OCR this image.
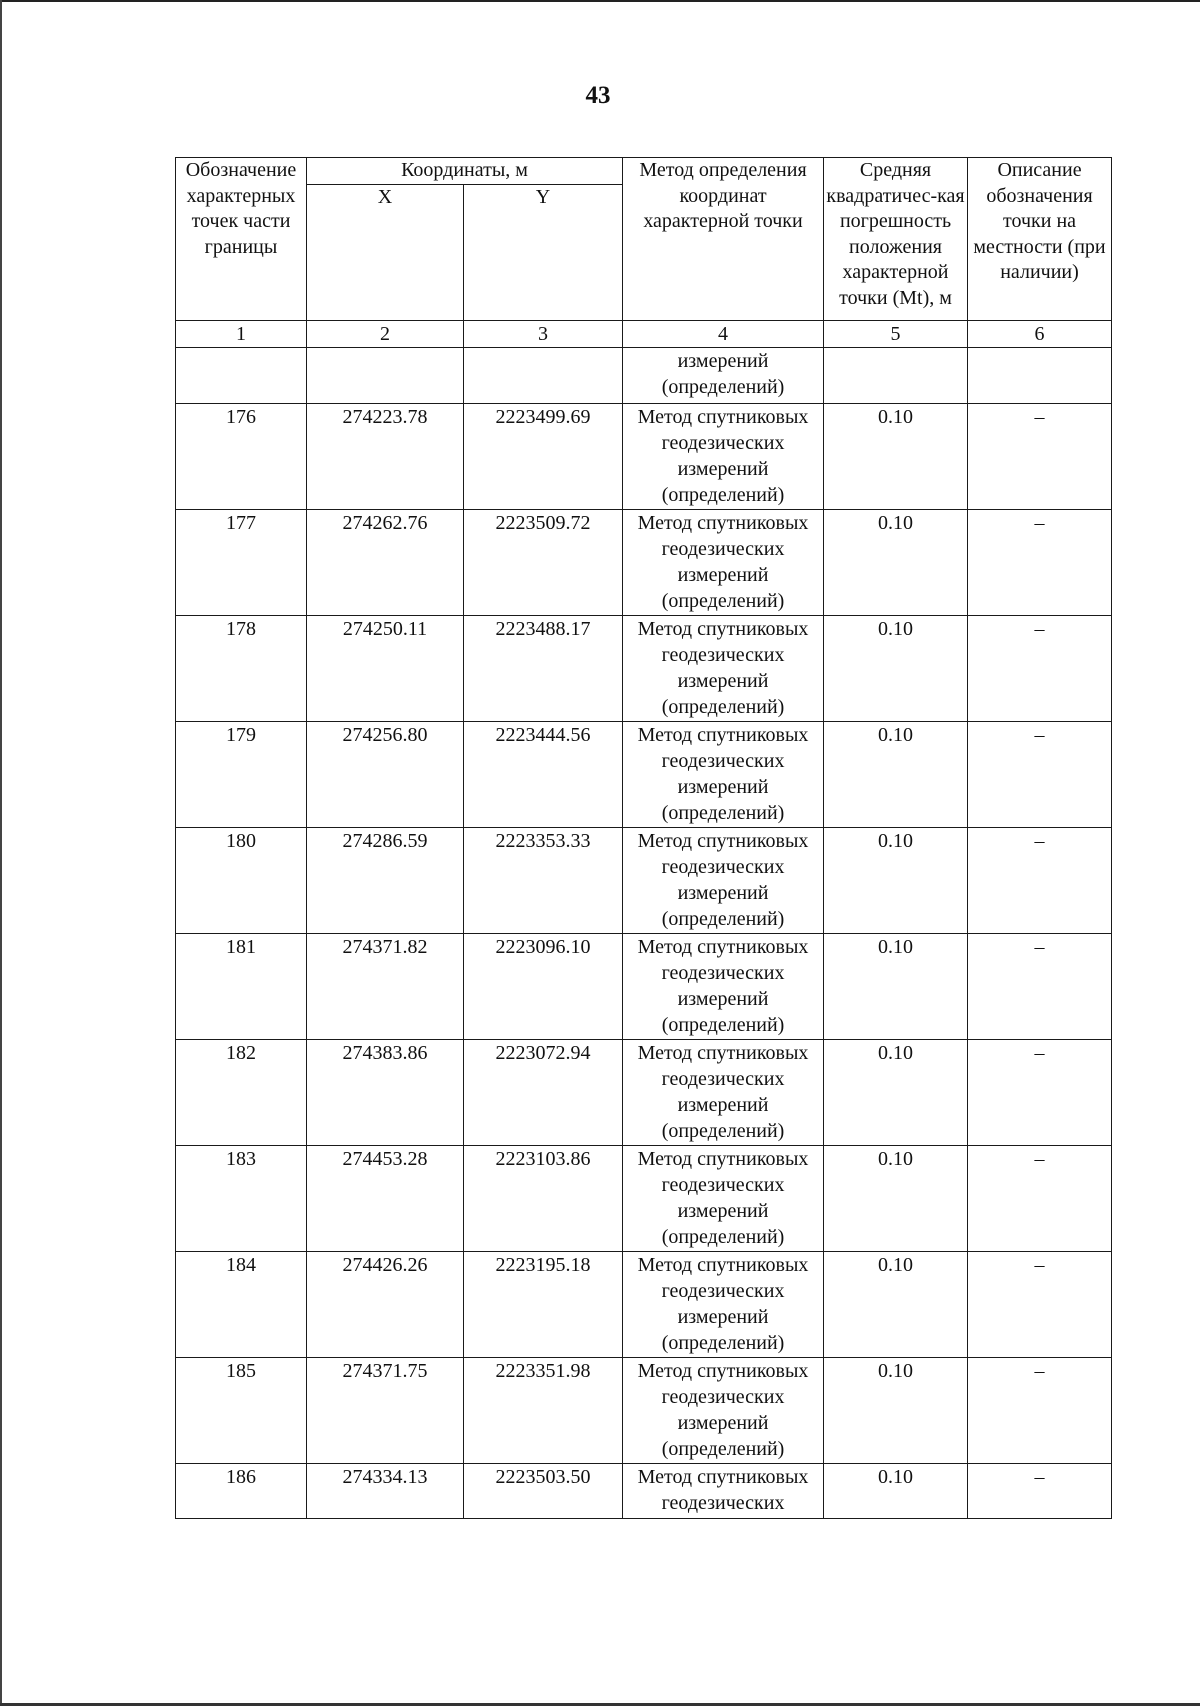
43
Обозначение характерных точек части границы	Координаты, м		Метод определения координат характерной точки	Средняя квадратичес-кая погрешность положения характерной точки (Mt), м	Описание обозначения точки на местности (при наличии)
	X	Y			
1	2	3	4	5	6
			измерений (определений)		
176	274223.78	2223499.69	Метод спутниковых геодезических измерений (определений)	0.10	–
177	274262.76	2223509.72	Метод спутниковых геодезических измерений (определений)	0.10	–
178	274250.11	2223488.17	Метод спутниковых геодезических измерений (определений)	0.10	–
179	274256.80	2223444.56	Метод спутниковых геодезических измерений (определений)	0.10	–
180	274286.59	2223353.33	Метод спутниковых геодезических измерений (определений)	0.10	–
181	274371.82	2223096.10	Метод спутниковых геодезических измерений (определений)	0.10	–
182	274383.86	2223072.94	Метод спутниковых геодезических измерений (определений)	0.10	–
183	274453.28	2223103.86	Метод спутниковых геодезических измерений (определений)	0.10	–
184	274426.26	2223195.18	Метод спутниковых геодезических измерений (определений)	0.10	–
185	274371.75	2223351.98	Метод спутниковых геодезических измерений (определений)	0.10	–
186	274334.13	2223503.50	Метод спутниковых геодезических	0.10	–
